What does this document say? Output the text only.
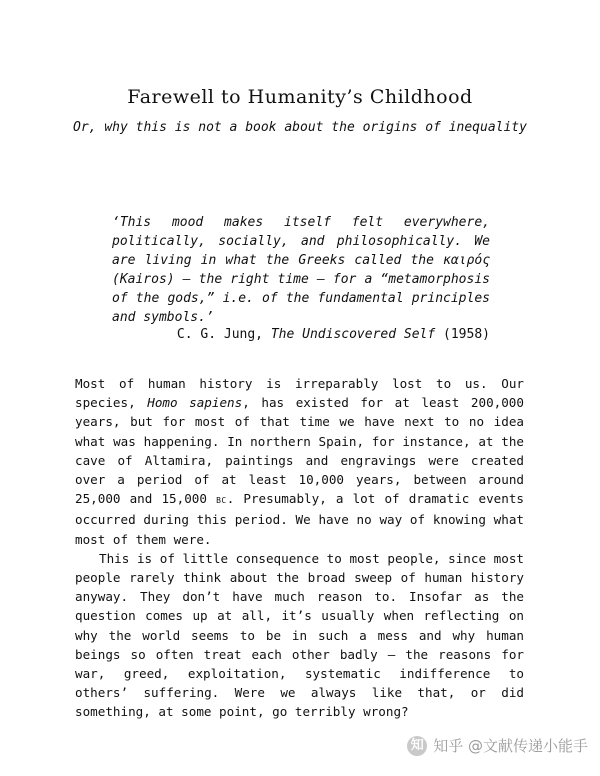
Farewell to Humanity’s Childhood
Or, why this is not a book about the origins of inequality
‘This mood makes itself felt everywhere, politically, socially, and philosophically. We are living in what the Greeks called the καιρός (Kairos) – the right time – for a “metamorphosis of the gods,” i.e. of the fundamental principles and symbols.’
C. G. Jung, The Undiscovered Self (1958)

Most of human history is irreparably lost to us. Our species, Homo sapiens, has existed for at least 200,000 years, but for most of that time we have next to no idea what was happening. In northern Spain, for instance, at the cave of Altamira, paintings and engravings were created over a period of at least 10,000 years, between around 25,000 and 15,000 BC. Presumably, a lot of dramatic events occurred during this period. We have no way of knowing what most of them were.

This is of little consequence to most people, since most people rarely think about the broad sweep of human history anyway. They don’t have much reason to. Insofar as the question comes up at all, it’s usually when reflecting on why the world seems to be in such a mess and why human beings so often treat each other badly – the reasons for war, greed, exploitation, systematic indifference to others’ suffering. Were we always like that, or did something, at some point, go terribly wrong?

知 知乎 @文献传递小能手
